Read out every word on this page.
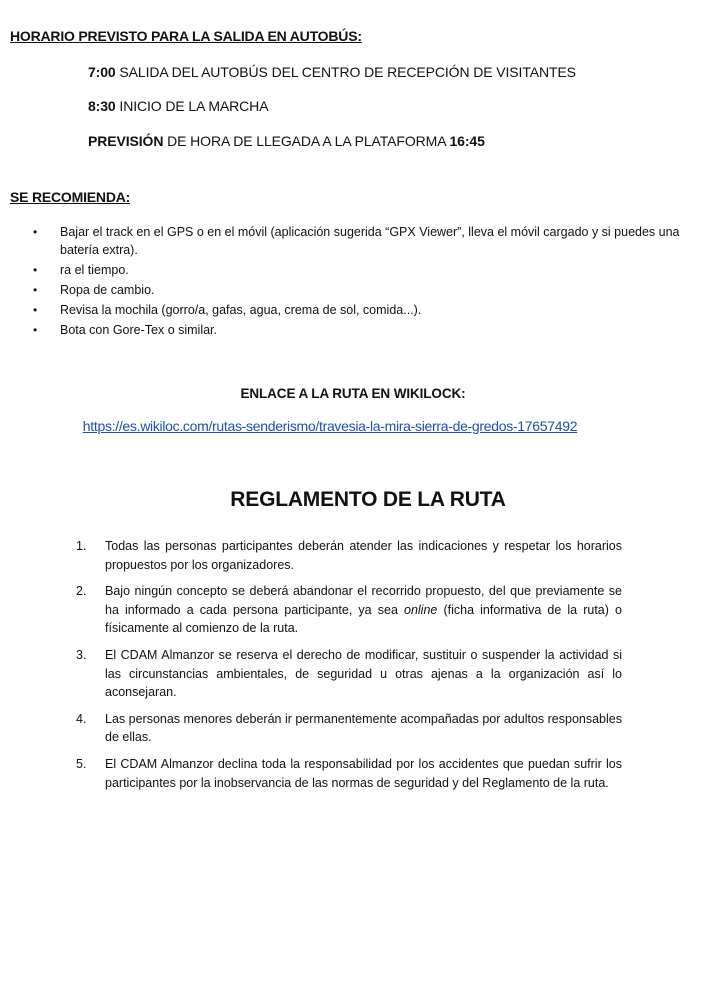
HORARIO PREVISTO PARA LA SALIDA EN AUTOBÚS:
7:00 SALIDA DEL AUTOBÚS DEL CENTRO DE RECEPCIÓN DE VISITANTES
8:30 INICIO DE LA MARCHA
PREVISIÓN DE HORA DE LLEGADA A LA PLATAFORMA 16:45
SE RECOMIENDA:
• Bajar el track en el GPS o en el móvil (aplicación sugerida “GPX Viewer”, lleva el móvil cargado y si puedes una batería extra).
• ra el tiempo.
• Ropa de cambio.
• Revisa la mochila (gorro/a, gafas, agua, crema de sol, comida...).
• Bota con Gore-Tex o similar.
ENLACE A LA RUTA EN WIKILOCK:
https://es.wikiloc.com/rutas-senderismo/travesia-la-mira-sierra-de-gredos-17657492
REGLAMENTO DE LA RUTA
1. Todas las personas participantes deberán atender las indicaciones y respetar los horarios propuestos por los organizadores.
2. Bajo ningún concepto se deberá abandonar el recorrido propuesto, del que previamente se ha informado a cada persona participante, ya sea online (ficha informativa de la ruta) o físicamente al comienzo de la ruta.
3. El CDAM Almanzor se reserva el derecho de modificar, sustituir o suspender la actividad si las circunstancias ambientales, de seguridad u otras ajenas a la organización así lo aconsejaran.
4. Las personas menores deberán ir permanentemente acompañadas por adultos responsables de ellas.
5. El CDAM Almanzor declina toda la responsabilidad por los accidentes que puedan sufrir los participantes por la inobservancia de las normas de seguridad y del Reglamento de la ruta.
